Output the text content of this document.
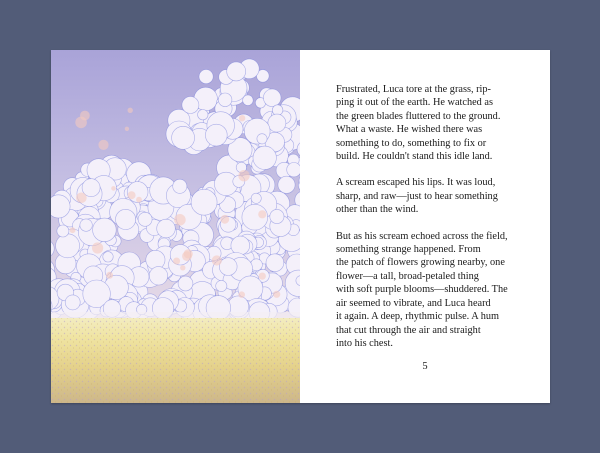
Frustrated, Luca tore at the grass, rip-
ping it out of the earth. He watched as
the green blades fluttered to the ground.
What a waste. He wished there was
something to do, something to fix or
build. He couldn't stand this idle land.

A scream escaped his lips. It was loud,
sharp, and raw—just to hear something
other than the wind.

But as his scream echoed across the field,
something strange happened. From
the patch of flowers growing nearby, one
flower—a tall, broad-petaled thing
with soft purple blooms—shuddered. The
air seemed to vibrate, and Luca heard
it again. A deep, rhythmic pulse. A hum
that cut through the air and straight
into his chest.

5
